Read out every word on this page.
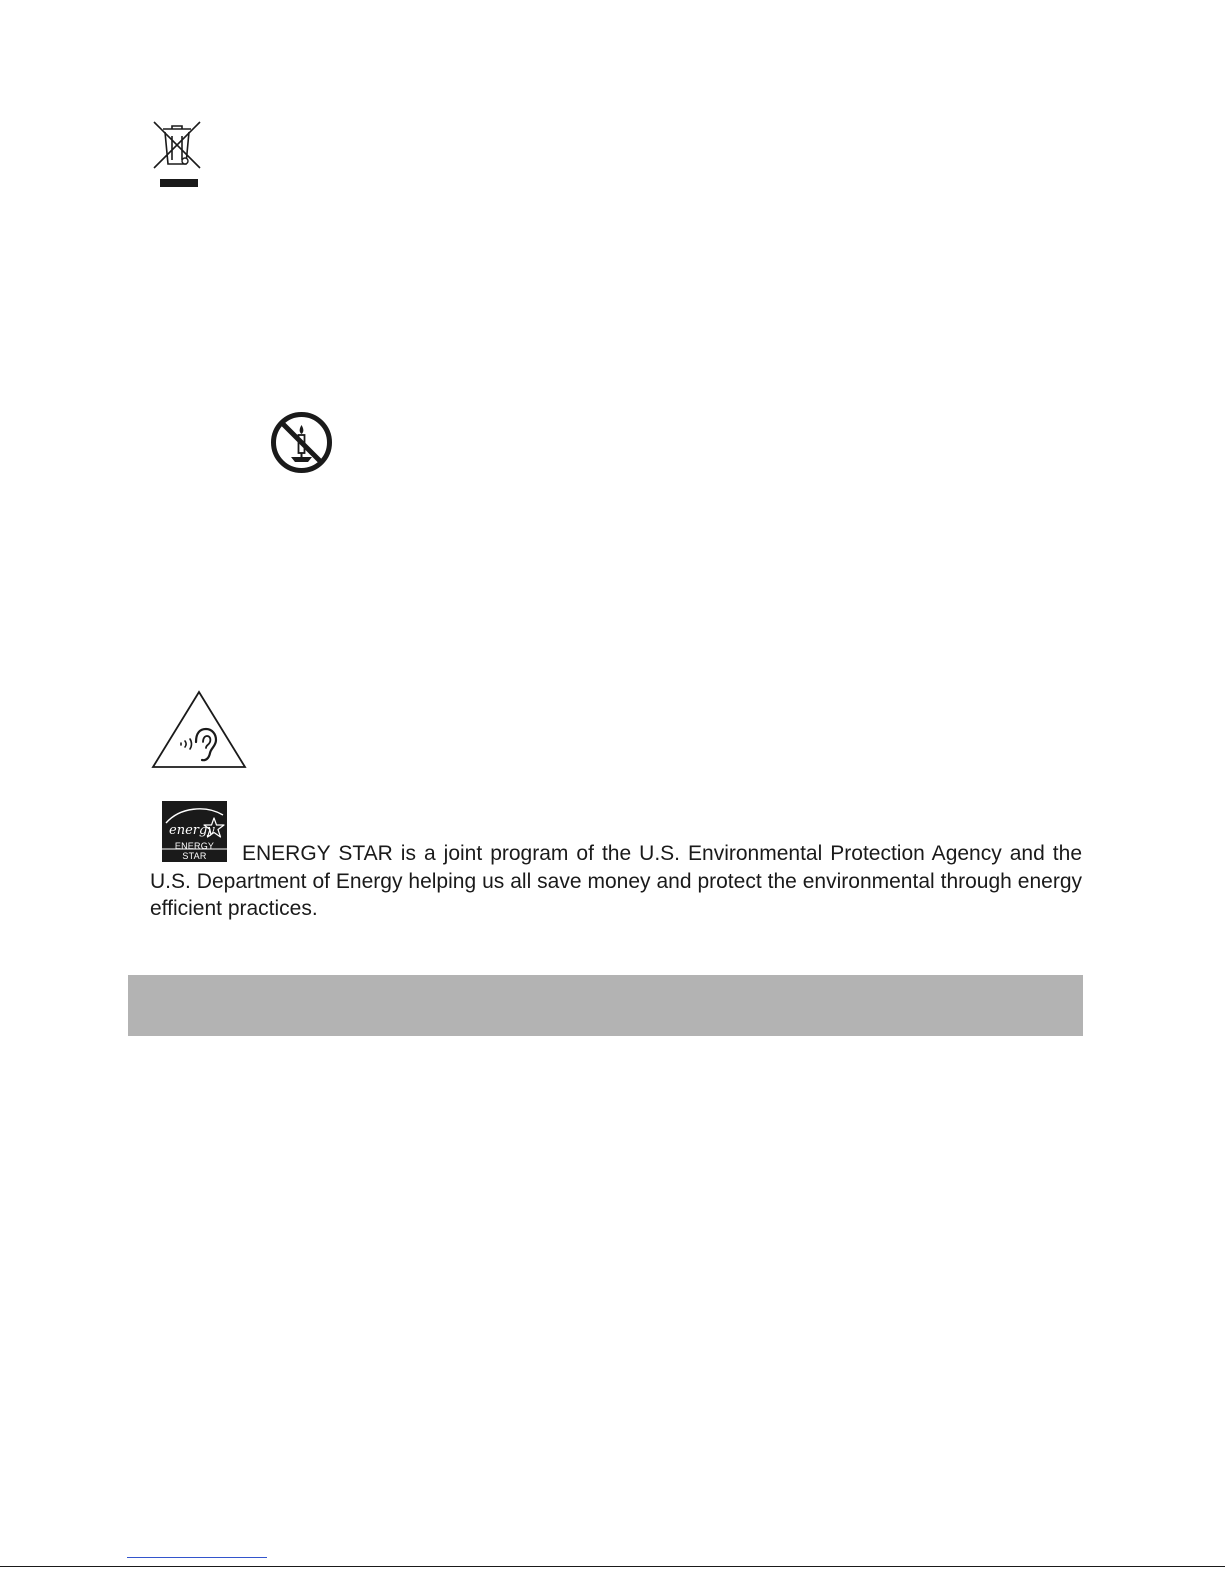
energy
ENERGY STAR	ENERGY STAR is a joint program of the U.S. Environmental Protection Agency and the U.S. Department of Energy helping us all save money and protect the environmental through energy efficient practices.
